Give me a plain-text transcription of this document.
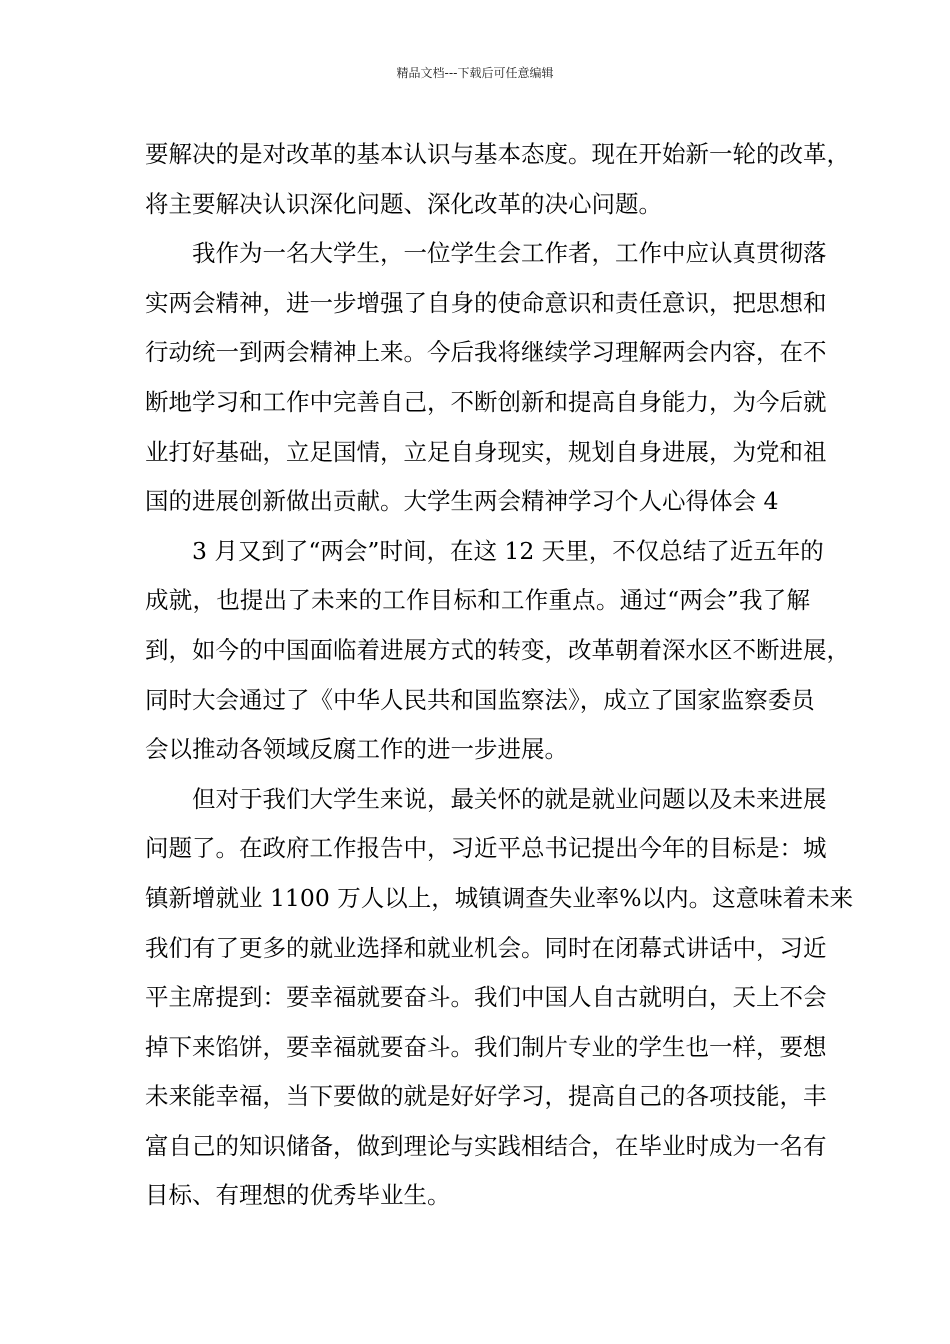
精品文档---下载后可任意编辑
要解决的是对改革的基本认识与基本态度。现在开始新一轮的改革，
将主要解决认识深化问题、深化改革的决心问题。
我作为一名大学生，一位学生会工作者，工作中应认真贯彻落
实两会精神，进一步增强了自身的使命意识和责任意识，把思想和
行动统一到两会精神上来。今后我将继续学习理解两会内容，在不
断地学习和工作中完善自己，不断创新和提高自身能力，为今后就
业打好基础，立足国情，立足自身现实，规划自身进展，为党和祖
国的进展创新做出贡献。大学生两会精神学习个人心得体会 4
3 月又到了“两会”时间，在这 12 天里，不仅总结了近五年的
成就，也提出了未来的工作目标和工作重点。通过“两会”我了解
到，如今的中国面临着进展方式的转变，改革朝着深水区不断进展，
同时大会通过了《中华人民共和国监察法》，成立了国家监察委员
会以推动各领域反腐工作的进一步进展。
但对于我们大学生来说，最关怀的就是就业问题以及未来进展
问题了。在政府工作报告中，习近平总书记提出今年的目标是：城
镇新增就业 1100 万人以上，城镇调查失业率%以内。这意味着未来
我们有了更多的就业选择和就业机会。同时在闭幕式讲话中，习近
平主席提到：要幸福就要奋斗。我们中国人自古就明白，天上不会
掉下来馅饼，要幸福就要奋斗。我们制片专业的学生也一样，要想
未来能幸福，当下要做的就是好好学习，提高自己的各项技能，丰
富自己的知识储备，做到理论与实践相结合，在毕业时成为一名有
目标、有理想的优秀毕业生。
